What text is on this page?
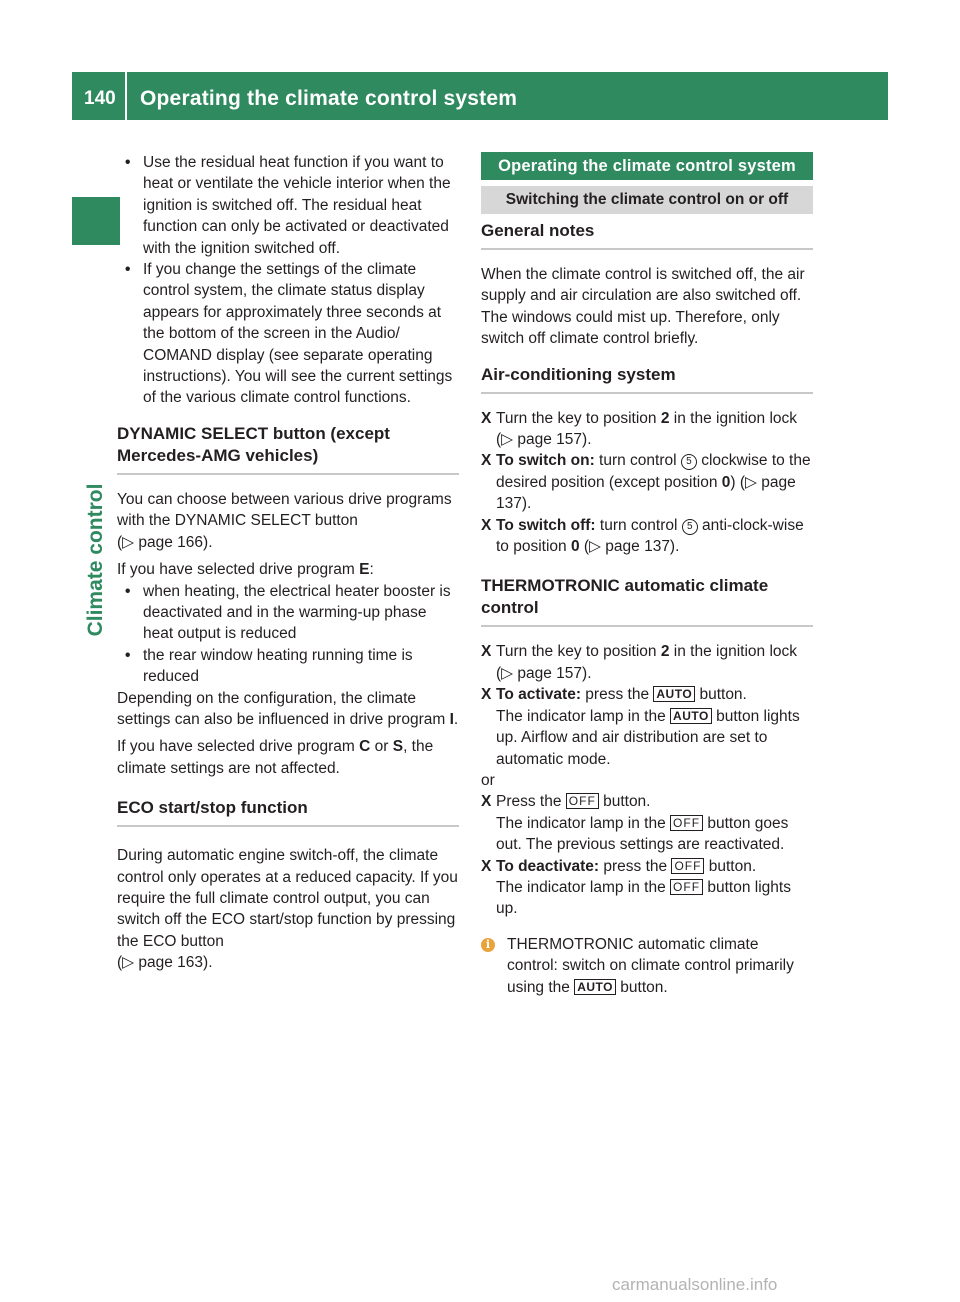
140 Operating the climate control system
Climate control
• Use the residual heat function if you want to heat or ventilate the vehicle interior when the ignition is switched off. The residual heat function can only be activated or deactivated with the ignition switched off.
• If you change the settings of the climate control system, the climate status display appears for approximately three seconds at the bottom of the screen in the Audio/ COMAND display (see separate operating instructions). You will see the current settings of the various climate control functions.
DYNAMIC SELECT button (except Mercedes-AMG vehicles)

You can choose between various drive programs with the DYNAMIC SELECT button
(▷ page 166).

If you have selected drive program E:

• when heating, the electrical heater booster is deactivated and in the warming-up phase heat output is reduced
• the rear window heating running time is reduced

Depending on the configuration, the climate settings can also be influenced in drive program I.

If you have selected drive program C or S, the climate settings are not affected.

ECO start/stop function

During automatic engine switch-off, the climate control only operates at a reduced capacity. If you require the full climate control output, you can switch off the ECO start/stop function by pressing the ECO button
(▷ page 163).

Operating the climate control system
Switching the climate control on or off
General notes

When the climate control is switched off, the air supply and air circulation are also switched off. The windows could mist up. Therefore, only switch off climate control briefly.

Air-conditioning system
X Turn the key to position 2 in the ignition lock (▷ page 157).
X To switch on: turn control 5 clockwise to the desired position (except position 0) (▷ page 137).
X To switch off: turn control 5 anti-clock-wise to position 0 (▷ page 137).
THERMOTRONIC automatic climate control
X Turn the key to position 2 in the ignition lock (▷ page 157).
X To activate: press the AUTO button.
The indicator lamp in the AUTO button lights up. Airflow and air distribution are set to automatic mode.

or

X Press the OFF button.
The indicator lamp in the OFF button goes out. The previous settings are reactivated.
X To deactivate: press the OFF button.
The indicator lamp in the OFF button lights up.
i	THERMOTRONIC automatic climate control: switch on climate control primarily using the AUTO button.
carmanualsonline.info
